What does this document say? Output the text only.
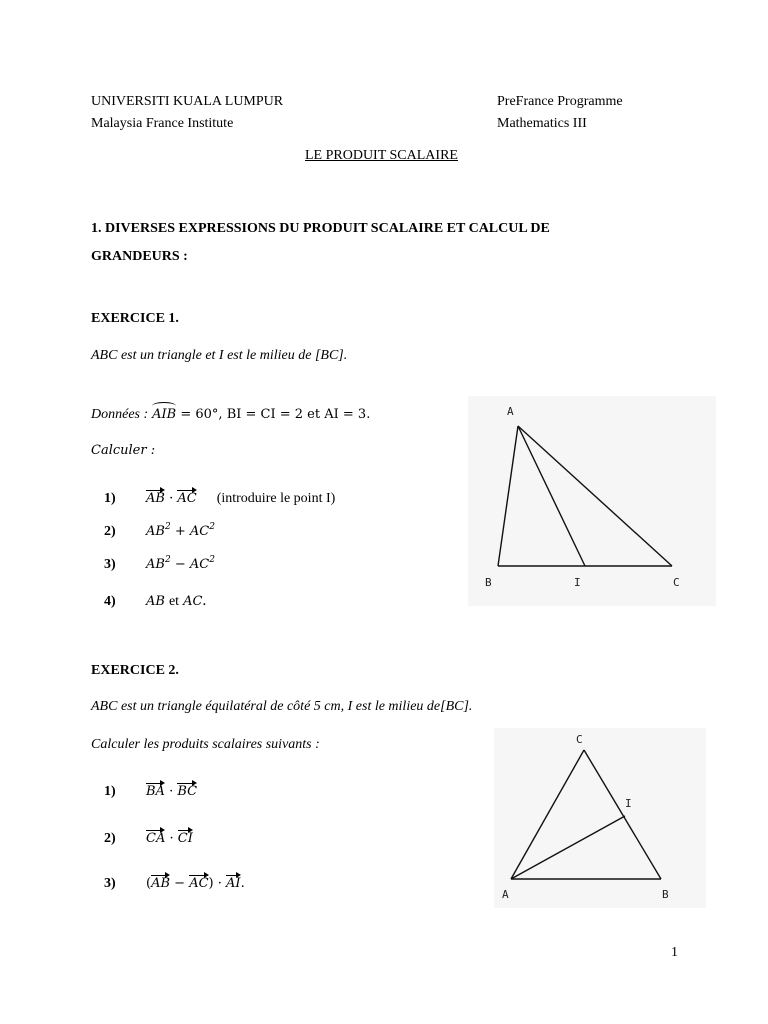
UNIVERSITI KUALA LUMPUR
Malaysia France Institute
PreFrance Programme
Mathematics III
LE PRODUIT SCALAIRE
1. DIVERSES EXPRESSIONS DU PRODUIT SCALAIRE ET CALCUL DE
GRANDEURS :
EXERCICE 1.
ABC est un triangle et I est le milieu de [BC].
Données : AIB = 60°, BI = CI = 2 et AI = 3.
Calculer :
1) AB · AC (introduire le point I)
2) $AB^2 + AC^2$
3) $AB^2 - AC^2$
4) AB et AC.
A
B	I	C
EXERCICE 2.
ABC est un triangle équilatéral de côté 5 cm, I est le milieu de[BC].
Calculer les produits scalaires suivants :
1) BA · BC
2) CA · CI
3) (AB − AC) · AI.
C
I
A	B
1
